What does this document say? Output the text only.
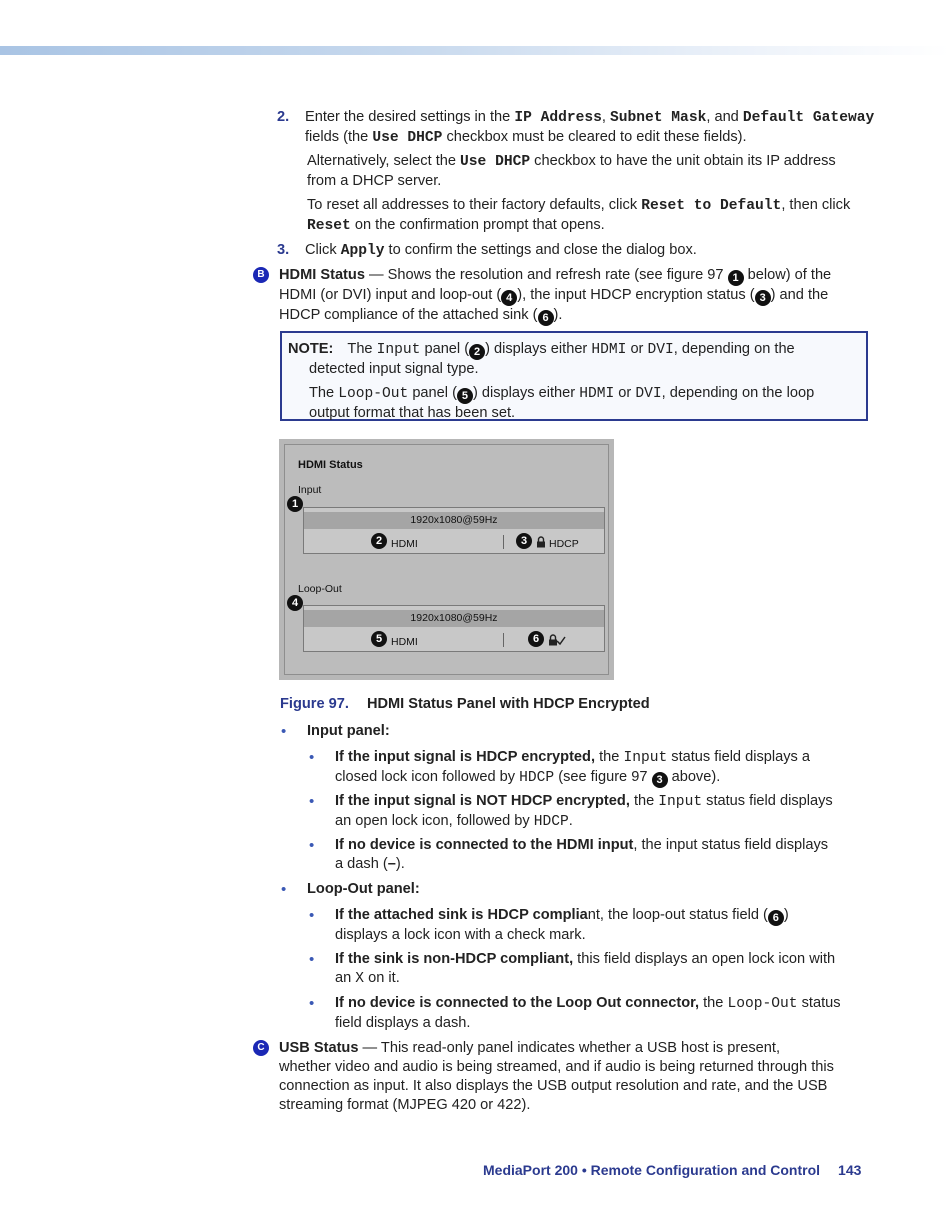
2. Enter the desired settings in the IP Address, Subnet Mask, and Default Gateway
fields (the Use DHCP checkbox must be cleared to edit these fields).
Alternatively, select the Use DHCP checkbox to have the unit obtain its IP address
from a DHCP server.
To reset all addresses to their factory defaults, click Reset to Default, then click
Reset on the confirmation prompt that opens.
3. Click Apply to confirm the settings and close the dialog box.
B HDMI Status — Shows the resolution and refresh rate (see figure 97 1 below) of the
HDMI (or DVI) input and loop-out ( 4 ), the input HDCP encryption status ( 3 ) and the
HDCP compliance of the attached sink ( 6 ).
NOTE: The Input panel ( 2 ) displays either HDMI or DVI, depending on the
detected input signal type.
The Loop-Out panel ( 5 ) displays either HDMI or DVI, depending on the loop
output format that has been set.
HDMI Status
Input
1
1920x1080@59Hz
2 HDMI	3	HDCP
Loop-Out
4
1920x1080@59Hz
5 HDMI	6
Figure 97. HDMI Status Panel with HDCP Encrypted
• Input panel:
• If the input signal is HDCP encrypted, the Input status field displays a
closed lock icon followed by HDCP (see figure 97 3 above).
• If the input signal is NOT HDCP encrypted, the Input status field displays
an open lock icon, followed by HDCP.
• If no device is connected to the HDMI input, the input status field displays
a dash (–).
• Loop-Out panel:
• If the attached sink is HDCP compliant, the loop-out status field ( 6 )
displays a lock icon with a check mark.
• If the sink is non-HDCP compliant, this field displays an open lock icon with
an X on it.
• If no device is connected to the Loop Out connector, the Loop-Out status
field displays a dash.
C USB Status — This read-only panel indicates whether a USB host is present,
whether video and audio is being streamed, and if audio is being returned through this
connection as input. It also displays the USB output resolution and rate, and the USB
streaming format (MJPEG 420 or 422).
MediaPort 200 • Remote Configuration and Control 143
